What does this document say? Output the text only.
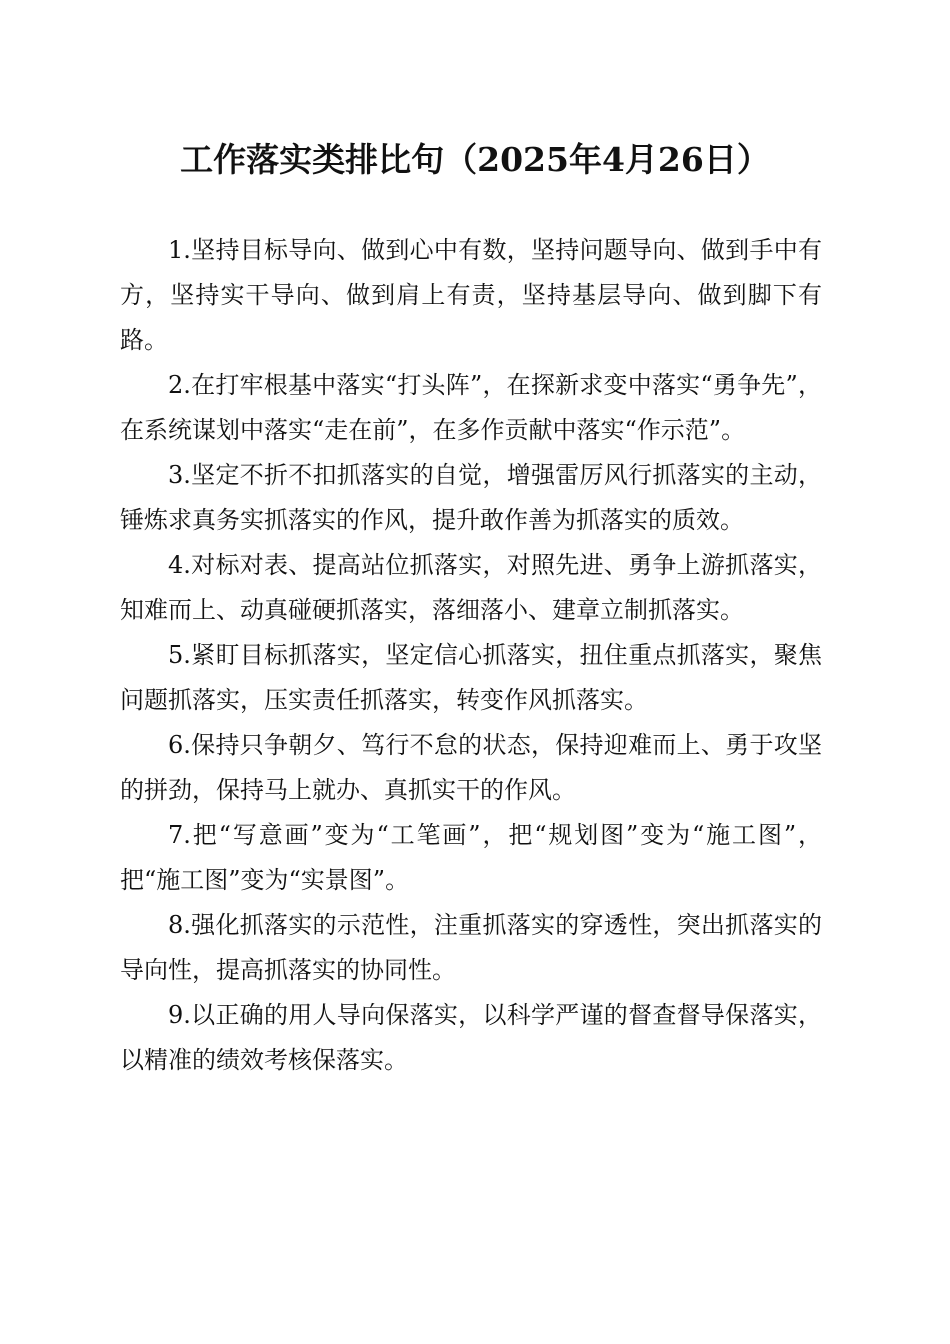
工作落实类排比句（2025年4月26日）

1.坚持目标导向、做到心中有数，坚持问题导向、做到手中有方，坚持实干导向、做到肩上有责，坚持基层导向、做到脚下有路。

2.在打牢根基中落实“打头阵”，在探新求变中落实“勇争先”，在系统谋划中落实“走在前”，在多作贡献中落实“作示范”。

3.坚定不折不扣抓落实的自觉，增强雷厉风行抓落实的主动，锤炼求真务实抓落实的作风，提升敢作善为抓落实的质效。

4.对标对表、提高站位抓落实，对照先进、勇争上游抓落实，知难而上、动真碰硬抓落实，落细落小、建章立制抓落实。

5.紧盯目标抓落实，坚定信心抓落实，扭住重点抓落实，聚焦问题抓落实，压实责任抓落实，转变作风抓落实。

6.保持只争朝夕、笃行不怠的状态，保持迎难而上、勇于攻坚的拼劲，保持马上就办、真抓实干的作风。

7.把“写意画”变为“工笔画”，把“规划图”变为“施工图”，把“施工图”变为“实景图”。

8.强化抓落实的示范性，注重抓落实的穿透性，突出抓落实的导向性，提高抓落实的协同性。

9.以正确的用人导向保落实，以科学严谨的督查督导保落实，以精准的绩效考核保落实。
